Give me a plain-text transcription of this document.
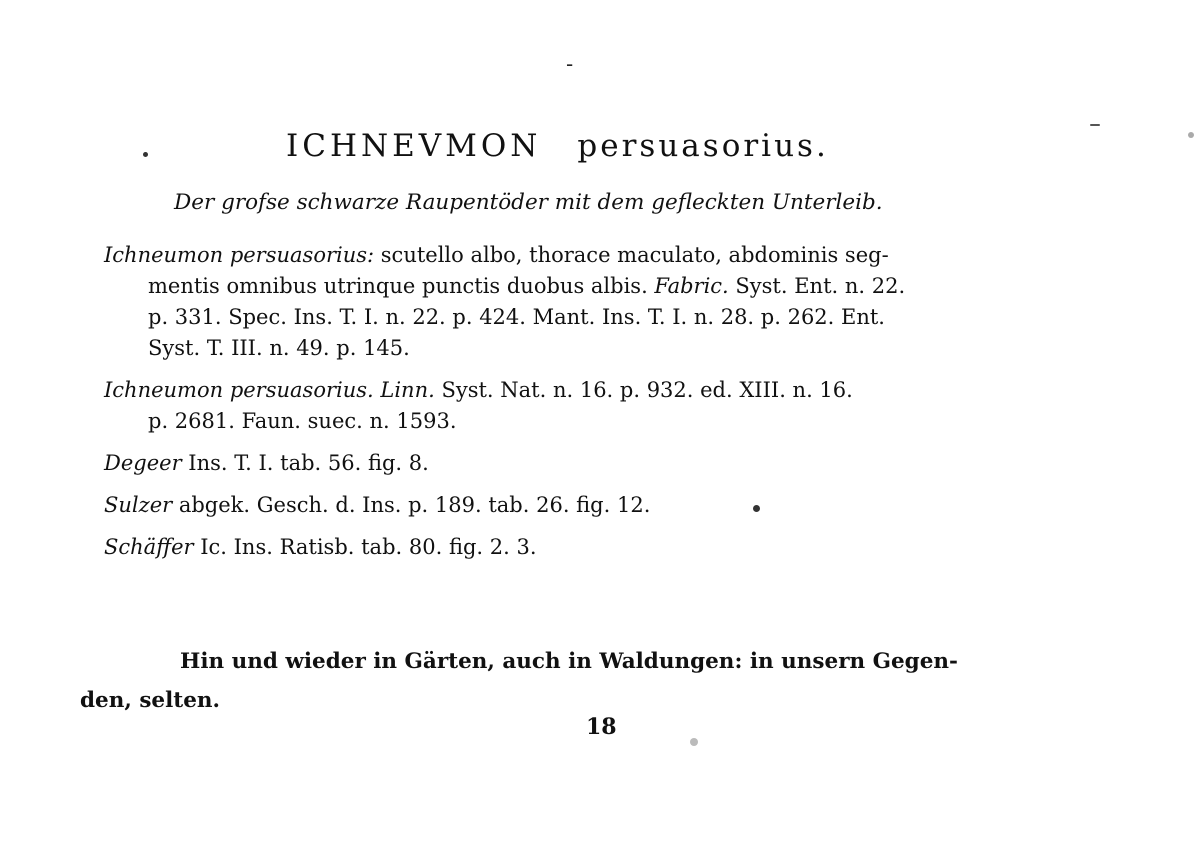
-
ICHNEVMON persuasorius.
Der grofse schwarze Raupentöder mit dem gefleckten Unterleib.
Ichneumon persuasorius: scutello albo, thorace maculato, abdominis seg-
mentis omnibus utrinque punctis duobus albis. Fabric. Syst. Ent. n. 22.
p. 331. Spec. Ins. T. I. n. 22. p. 424. Mant. Ins. T. I. n. 28. p. 262. Ent.
Syst. T. III. n. 49. p. 145.
Ichneumon persuasorius. Linn. Syst. Nat. n. 16. p. 932. ed. XIII. n. 16.
p. 2681. Faun. suec. n. 1593.
Degeer Ins. T. I. tab. 56. fig. 8.
Sulzer abgek. Gesch. d. Ins. p. 189. tab. 26. fig. 12.
Schäffer Ic. Ins. Ratisb. tab. 80. fig. 2. 3.
Hin und wieder in Gärten, auch in Waldungen: in unsern Gegen-
den, selten.
18
